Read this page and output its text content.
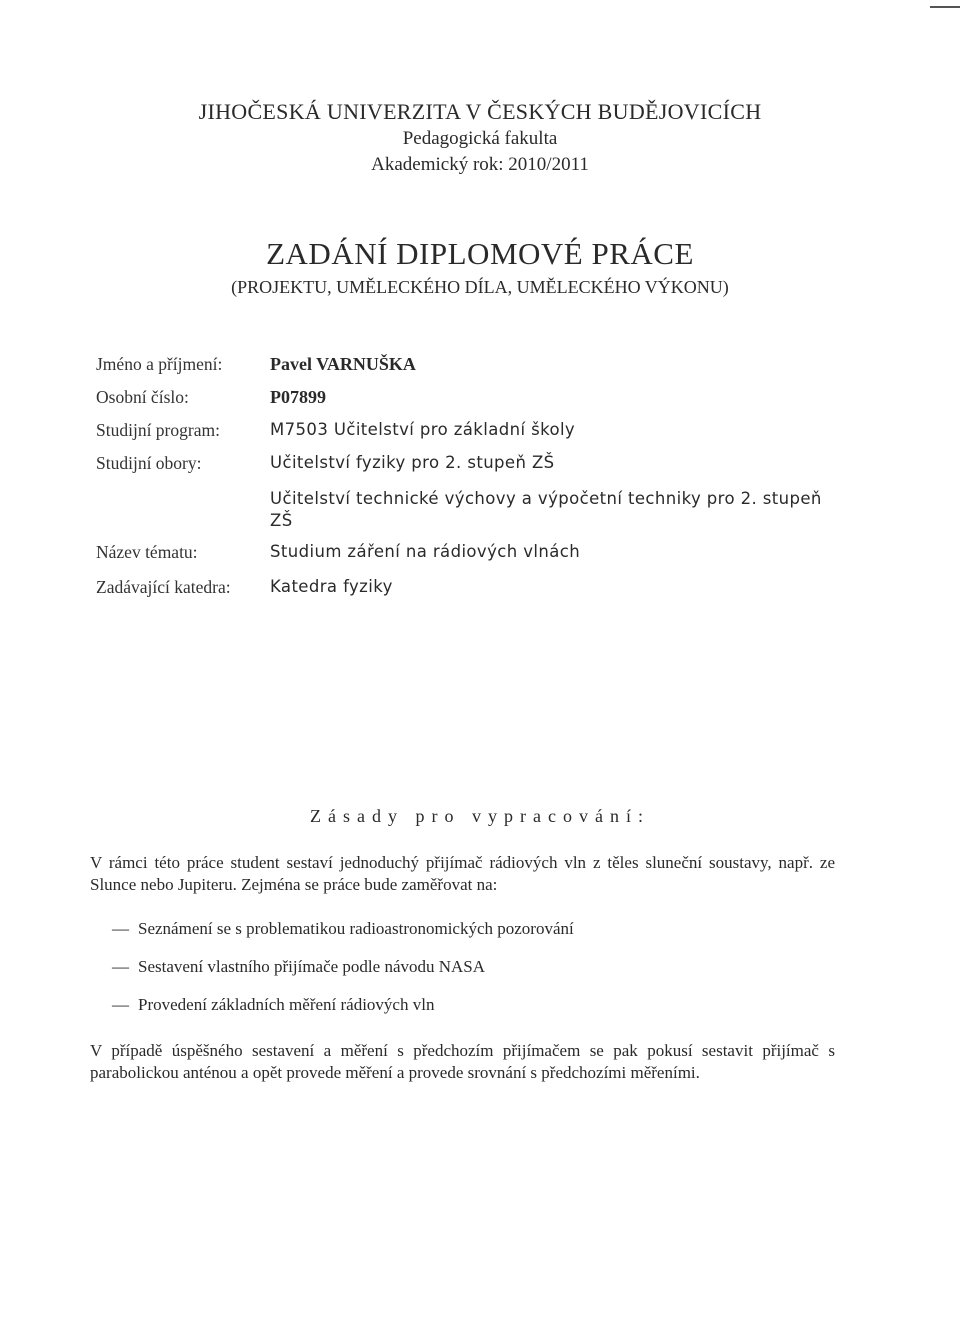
JIHOČESKÁ UNIVERZITA V ČESKÝCH BUDĚJOVICÍCH
Pedagogická fakulta
Akademický rok: 2010/2011
ZADÁNÍ DIPLOMOVÉ PRÁCE
(PROJEKTU, UMĚLECKÉHO DÍLA, UMĚLECKÉHO VÝKONU)
Jméno a příjmení:	Pavel VARNUŠKA
Osobní číslo:	P07899
Studijní program:	M7503 Učitelství pro základní školy
Studijní obory:	Učitelství fyziky pro 2. stupeň ZŠ
Učitelství technické výchovy a výpočetní techniky pro 2. stupeň ZŠ
Název tématu:	Studium záření na rádiových vlnách
Zadávající katedra:	Katedra fyziky
Zásady pro vypracování:
V rámci této práce student sestaví jednoduchý přijímač rádiových vln z těles sluneční soustavy, např. ze Slunce nebo Jupiteru. Zejména se práce bude zaměřovat na:
— Seznámení se s problematikou radioastronomických pozorování
— Sestavení vlastního přijímače podle návodu NASA
— Provedení základních měření rádiových vln
V případě úspěšného sestavení a měření s předchozím přijímačem se pak pokusí sestavit přijímač s parabolickou anténou a opět provede měření a provede srovnání s předchozími měřeními.
